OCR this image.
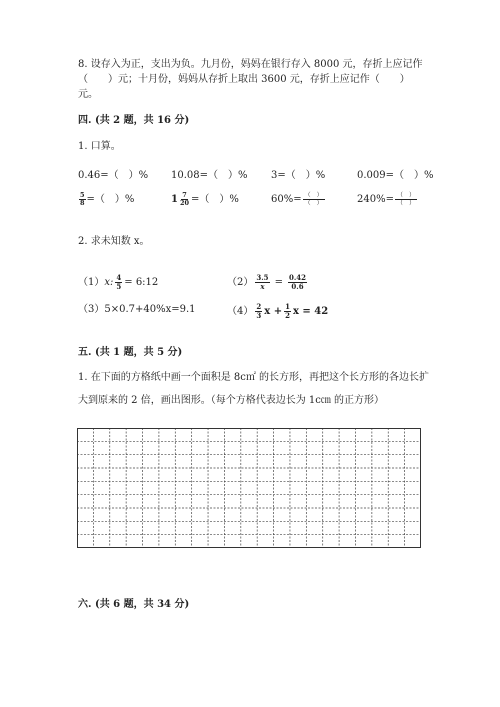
8. 设存入为正，支出为负。九月份，妈妈在银行存入 8000 元，存折上应记作
（　　）元；十月份，妈妈从存折上取出 3600 元，存折上应记作（　　）
元。
四. (共 2 题，共 16 分)
1. 口算。
0.46=（　）% 10.08=（　）% 3=（　）%	0.009=（　）%
$\frac{5}{8}$ =（　）%	$1 \frac{7}{20}$ =（　）%	$60\%= \frac{( )}{( )}$	$240\%= \frac{( )}{( )}$
2. 求未知数 x。
（1）x: $\frac{4}{5}$ = 6:12	$(2) \frac{3.5}{x} = \frac{0.42}{0.6}$
（3）5×0.7+40%x=9.1	$(4) \frac{2}{3}$ $x + \frac{1}{2}$ x = 42
五. (共 1 题，共 5 分)
1. 在下面的方格纸中画一个面积是 8c㎡ 的长方形，再把这个长方形的各边长扩
大到原来的 2 倍，画出图形。（每个方格代表边长为 1c㎝ 的正方形）
六. (共 6 题，共 34 分)
